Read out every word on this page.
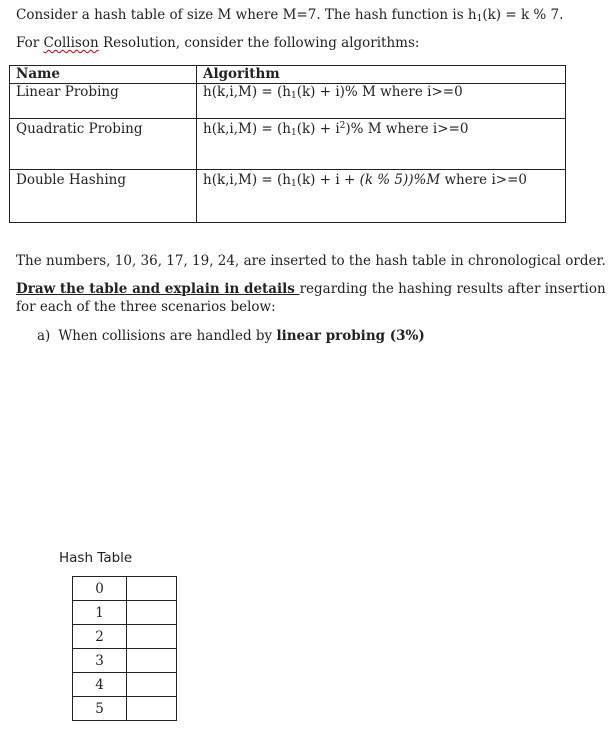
Consider a hash table of size M where M=7. The hash function is $h_1(k) = k$ % 7.
For Collison Resolution, consider the following algorithms:
Name	Algorithm
Linear Probing	$h(k,i,M) = (h_1(k) + i)\%$ M where i>=0
Quadratic Probing	$h(k,i,M) = (h_1(k) + i^2)\%$ M where i>=0
Double Hashing	$h(k,i,M) = (h_1(k) + i + (k$ % 5))%M where i>=0
The numbers, 10, 36, 17, 19, 24, are inserted to the hash table in chronological order.
Draw the table and explain in details regarding the hashing results after insertion
for each of the three scenarios below:
a) When collisions are handled by linear probing (3%)
Hash Table
0	
1	
2	
3	
4	
5	
